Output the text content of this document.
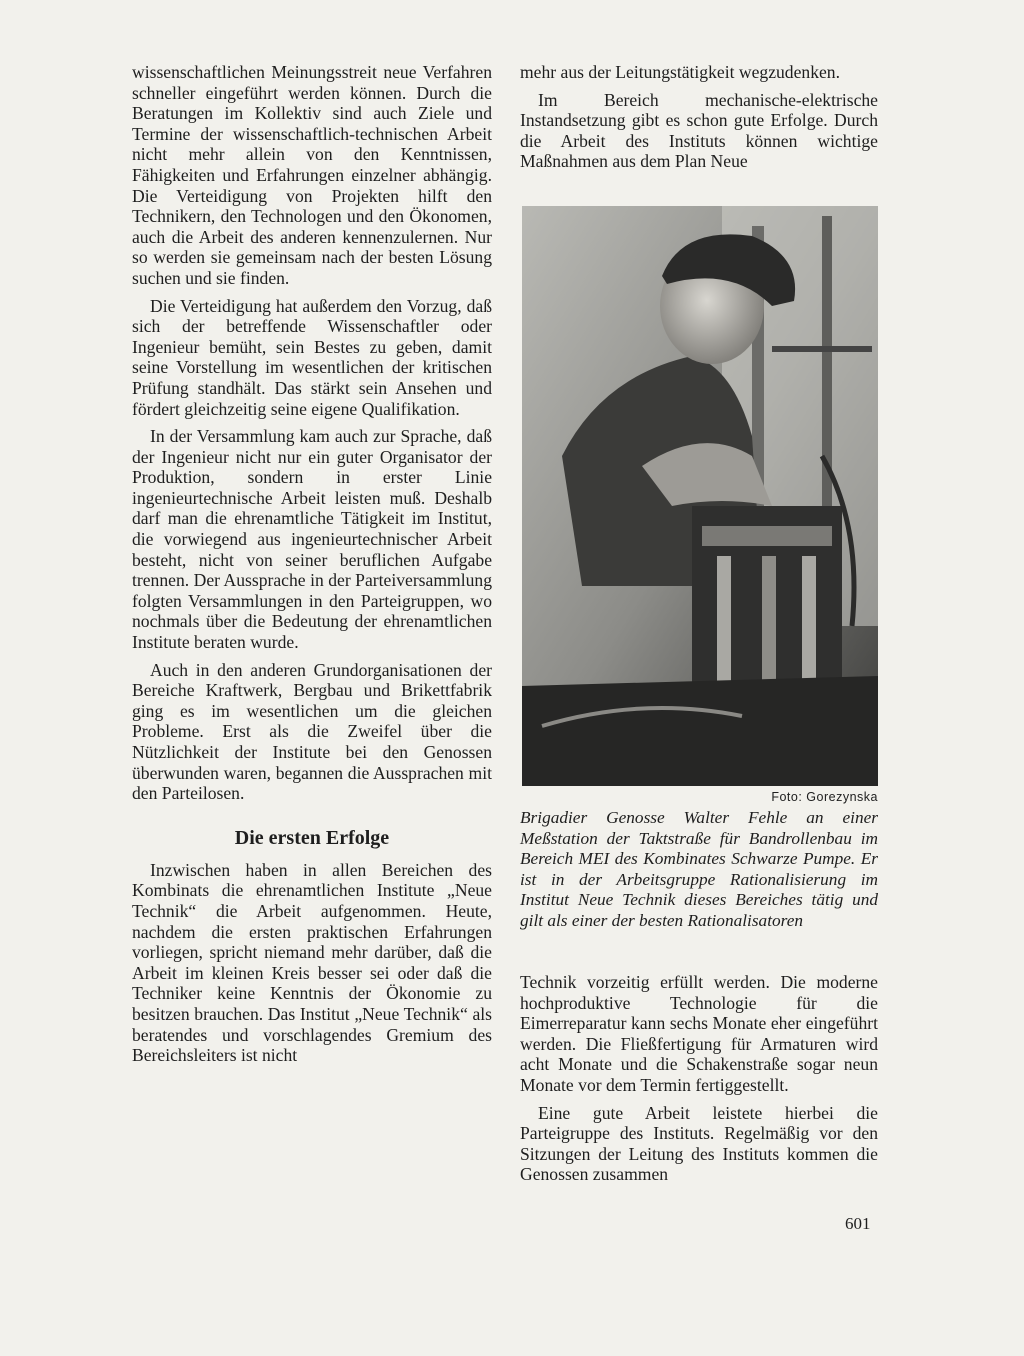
wissenschaftlichen Meinungsstreit neue Verfahren schneller eingeführt werden können. Durch die Beratungen im Kollektiv sind auch Ziele und Termine der wissenschaftlich-technischen Arbeit nicht mehr allein von den Kenntnissen, Fähigkeiten und Erfahrungen einzelner abhängig. Die Verteidigung von Projekten hilft den Technikern, den Technologen und den Ökonomen, auch die Arbeit des anderen kennenzulernen. Nur so werden sie gemeinsam nach der besten Lösung suchen und sie finden.

Die Verteidigung hat außerdem den Vorzug, daß sich der betreffende Wissenschaftler oder Ingenieur bemüht, sein Bestes zu geben, damit seine Vorstellung im wesentlichen der kritischen Prüfung standhält. Das stärkt sein Ansehen und fördert gleichzeitig seine eigene Qualifikation.

In der Versammlung kam auch zur Sprache, daß der Ingenieur nicht nur ein guter Organisator der Produktion, sondern in erster Linie ingenieurtechnische Arbeit leisten muß. Deshalb darf man die ehrenamtliche Tätigkeit im Institut, die vorwiegend aus ingenieurtechnischer Arbeit besteht, nicht von seiner beruflichen Aufgabe trennen. Der Aussprache in der Parteiversammlung folgten Versammlungen in den Parteigruppen, wo nochmals über die Bedeutung der ehrenamtlichen Institute beraten wurde.

Auch in den anderen Grundorganisationen der Bereiche Kraftwerk, Bergbau und Brikettfabrik ging es im wesentlichen um die gleichen Probleme. Erst als die Zweifel über die Nützlichkeit der Institute bei den Genossen überwunden waren, begannen die Aussprachen mit den Parteilosen.

Die ersten Erfolge

Inzwischen haben in allen Bereichen des Kombinats die ehrenamtlichen Institute „Neue Technik“ die Arbeit aufgenommen. Heute, nachdem die ersten praktischen Erfahrungen vorliegen, spricht niemand mehr darüber, daß die Arbeit im kleinen Kreis besser sei oder daß die Techniker keine Kenntnis der Ökonomie zu besitzen brauchen. Das Institut „Neue Technik“ als beratendes und vorschlagendes Gremium des Bereichsleiters ist nicht

mehr aus der Leitungstätigkeit wegzudenken.

Im Bereich mechanische-elektrische Instandsetzung gibt es schon gute Erfolge. Durch die Arbeit des Instituts können wichtige Maßnahmen aus dem Plan Neue

Foto: Gorezynska
Brigadier Genosse Walter Fehle an einer Meßstation der Taktstraße für Bandrollenbau im Bereich MEI des Kombinates Schwarze Pumpe. Er ist in der Arbeitsgruppe Rationalisierung im Institut Neue Technik dieses Bereiches tätig und gilt als einer der besten Rationalisatoren

Technik vorzeitig erfüllt werden. Die moderne hochproduktive Technologie für die Eimerreparatur kann sechs Monate eher eingeführt werden. Die Fließfertigung für Armaturen wird acht Monate und die Schakenstraße sogar neun Monate vor dem Termin fertiggestellt.

Eine gute Arbeit leistete hierbei die Parteigruppe des Instituts. Regelmäßig vor den Sitzungen der Leitung des Instituts kommen die Genossen zusammen

601
